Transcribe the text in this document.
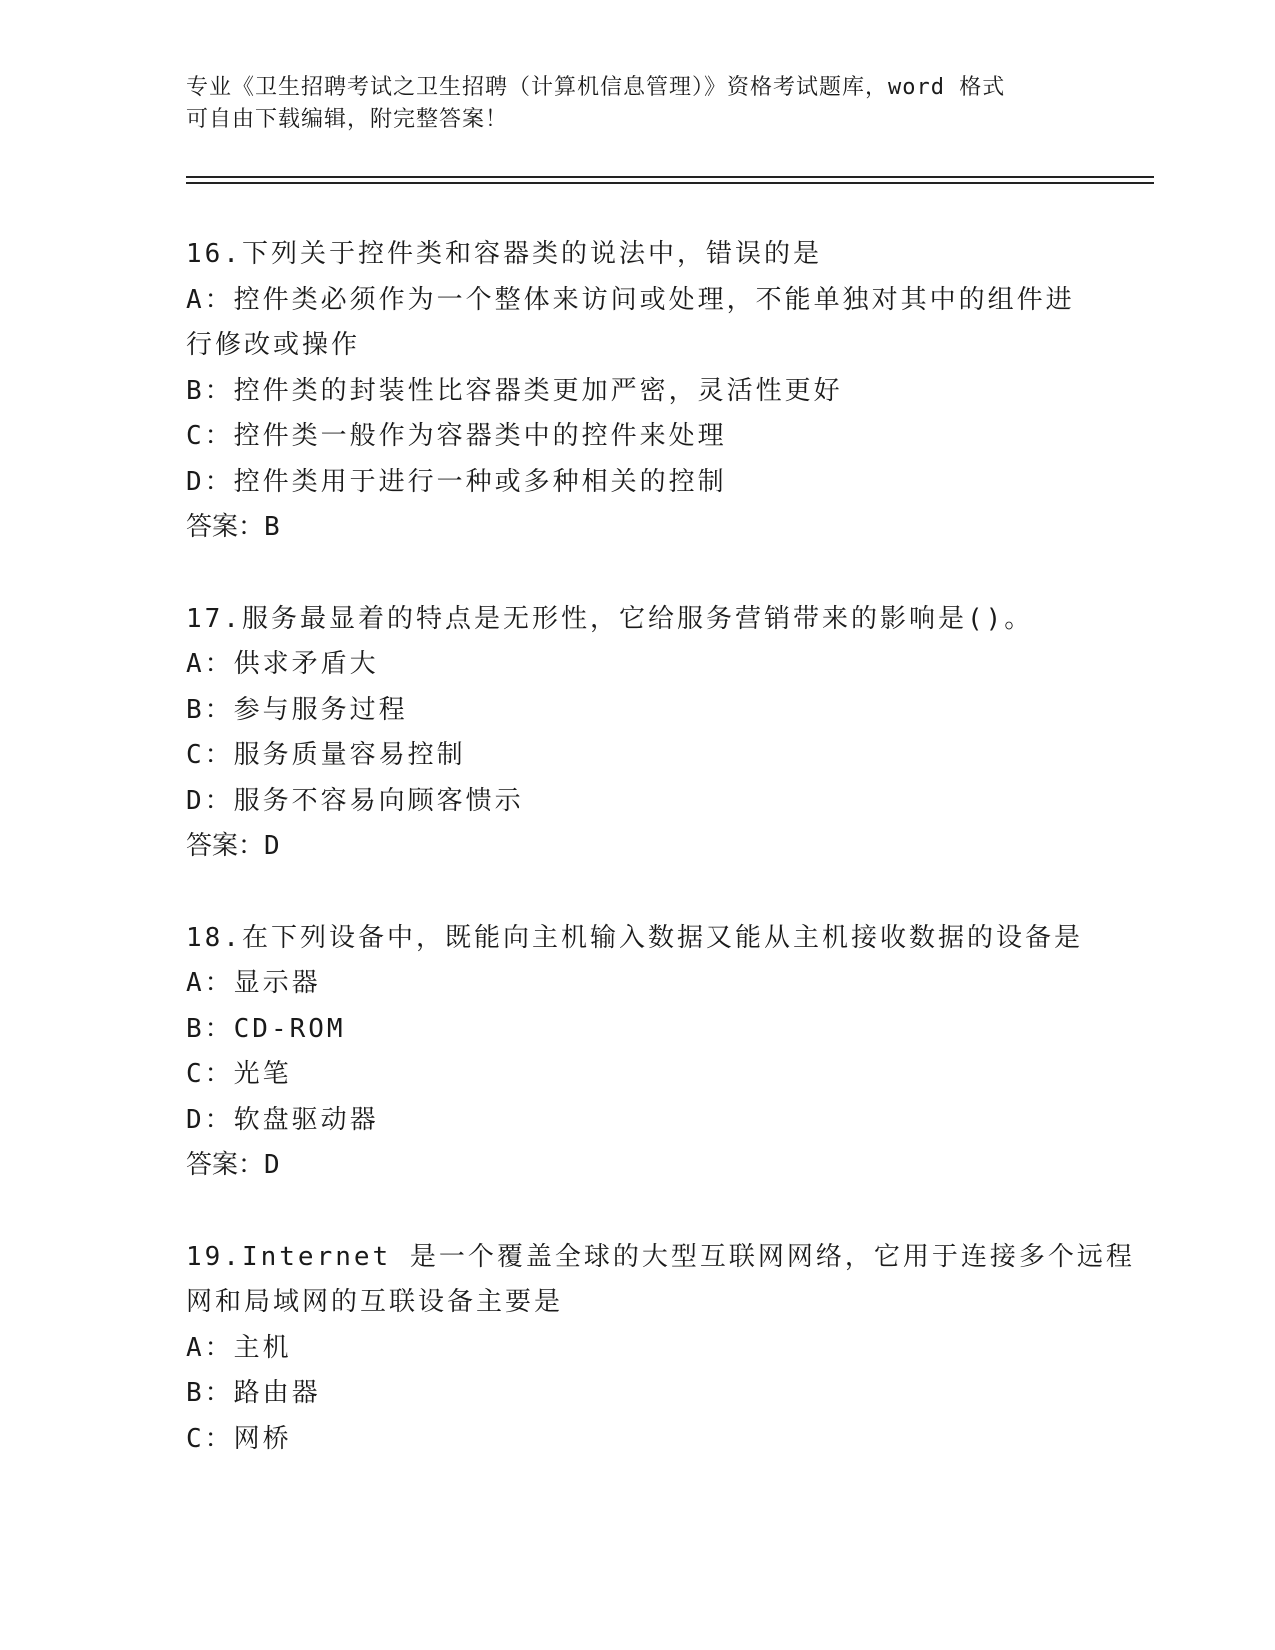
专业《卫生招聘考试之卫生招聘（计算机信息管理）》资格考试题库，word 格式
可自由下载编辑，附完整答案！
16.下列关于控件类和容器类的说法中，错误的是
A：控件类必须作为一个整体来访问或处理，不能单独对其中的组件进
行修改或操作
B：控件类的封装性比容器类更加严密，灵活性更好
C：控件类一般作为容器类中的控件来处理
D：控件类用于进行一种或多种相关的控制
答案：B
17.服务最显着的特点是无形性，它给服务营销带来的影响是()。
A：供求矛盾大
B：参与服务过程
C：服务质量容易控制
D：服务不容易向顾客愦示
答案：D
18.在下列设备中，既能向主机输入数据又能从主机接收数据的设备是
A：显示器
B：CD-ROM
C：光笔
D：软盘驱动器
答案：D
19.Internet 是一个覆盖全球的大型互联网网络，它用于连接多个远程
网和局域网的互联设备主要是
A：主机
B：路由器
C：网桥
